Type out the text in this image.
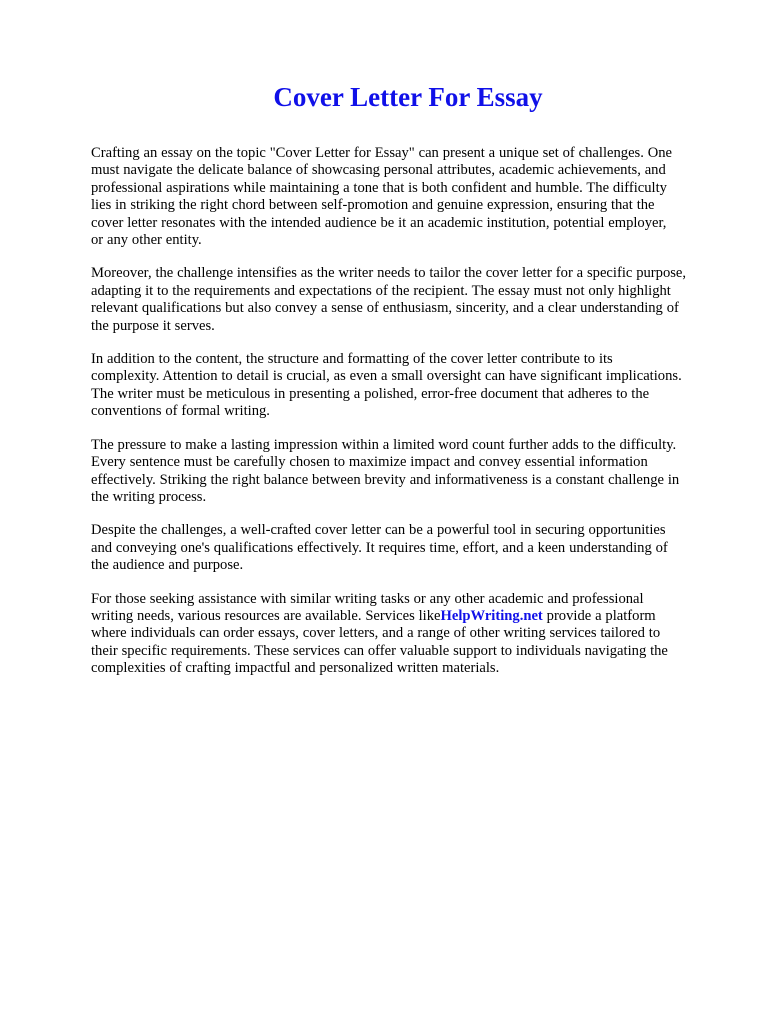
Cover Letter For Essay

Crafting an essay on the topic "Cover Letter for Essay" can present a unique set of challenges. One
must navigate the delicate balance of showcasing personal attributes, academic achievements, and
professional aspirations while maintaining a tone that is both confident and humble. The difficulty
lies in striking the right chord between self-promotion and genuine expression, ensuring that the
cover letter resonates with the intended audience be it an academic institution, potential employer,
or any other entity.

Moreover, the challenge intensifies as the writer needs to tailor the cover letter for a specific purpose,
adapting it to the requirements and expectations of the recipient. The essay must not only highlight
relevant qualifications but also convey a sense of enthusiasm, sincerity, and a clear understanding of
the purpose it serves.

In addition to the content, the structure and formatting of the cover letter contribute to its
complexity. Attention to detail is crucial, as even a small oversight can have significant implications.
The writer must be meticulous in presenting a polished, error-free document that adheres to the
conventions of formal writing.

The pressure to make a lasting impression within a limited word count further adds to the difficulty.
Every sentence must be carefully chosen to maximize impact and convey essential information
effectively. Striking the right balance between brevity and informativeness is a constant challenge in
the writing process.

Despite the challenges, a well-crafted cover letter can be a powerful tool in securing opportunities
and conveying one's qualifications effectively. It requires time, effort, and a keen understanding of
the audience and purpose.

For those seeking assistance with similar writing tasks or any other academic and professional
writing needs, various resources are available. Services likeHelpWriting.net provide a platform
where individuals can order essays, cover letters, and a range of other writing services tailored to
their specific requirements. These services can offer valuable support to individuals navigating the
complexities of crafting impactful and personalized written materials.
